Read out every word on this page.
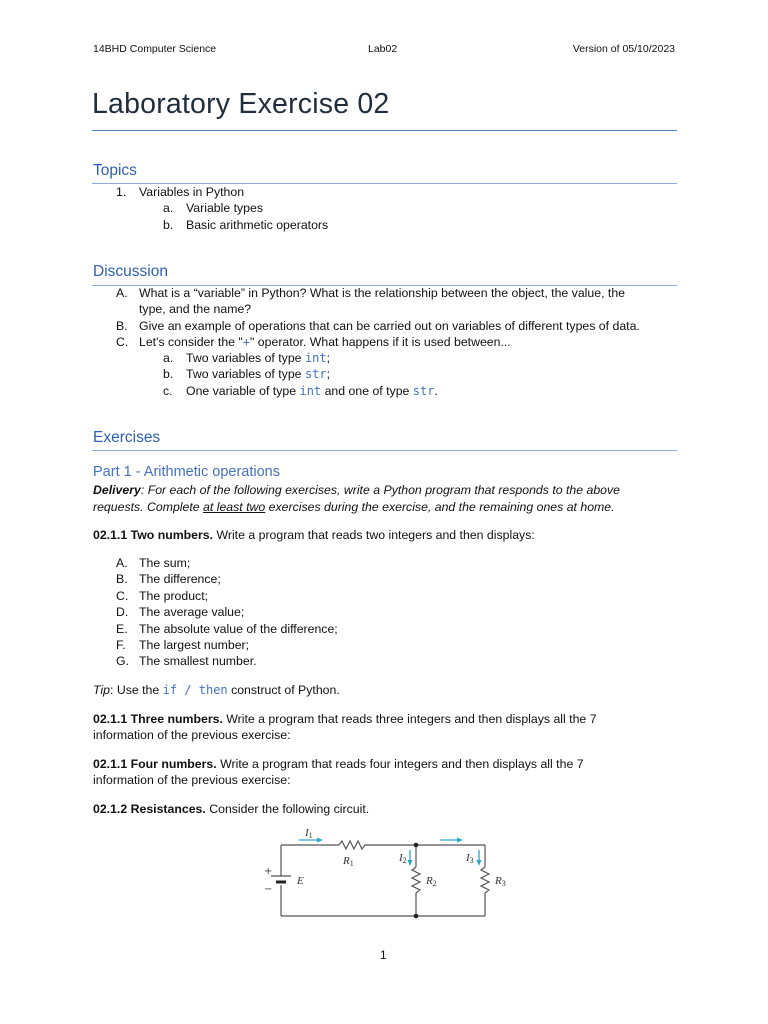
14BHD Computer Science	Lab02	Version of 05/10/2023
Laboratory Exercise 02
Topics
1. Variables in Python
a. Variable types
b. Basic arithmetic operators
Discussion
A. What is a “variable” in Python? What is the relationship between the object, the value, the
type, and the name?
B. Give an example of operations that can be carried out on variables of different types of data.
C. Let's consider the "+" operator. What happens if it is used between...
a. Two variables of type int;
b. Two variables of type str;
c. One variable of type int and one of type str.
Exercises
Part 1 - Arithmetic operations
Delivery: For each of the following exercises, write a Python program that responds to the above
requests. Complete at least two exercises during the exercise, and the remaining ones at home.
02.1.1 Two numbers. Write a program that reads two integers and then displays:
A. The sum;
B. The difference;
C. The product;
D. The average value;
E. The absolute value of the difference;
F. The largest number;
G. The smallest number.
Tip: Use the if / then construct of Python.
02.1.1 Three numbers. Write a program that reads three integers and then displays all the 7
information of the previous exercise:
02.1.1 Four numbers. Write a program that reads four integers and then displays all the 7
information of the previous exercise:
02.1.2 Resistances. Consider the following circuit.
I1
R1	I2
R2
I3
R3
E
+
−
1
